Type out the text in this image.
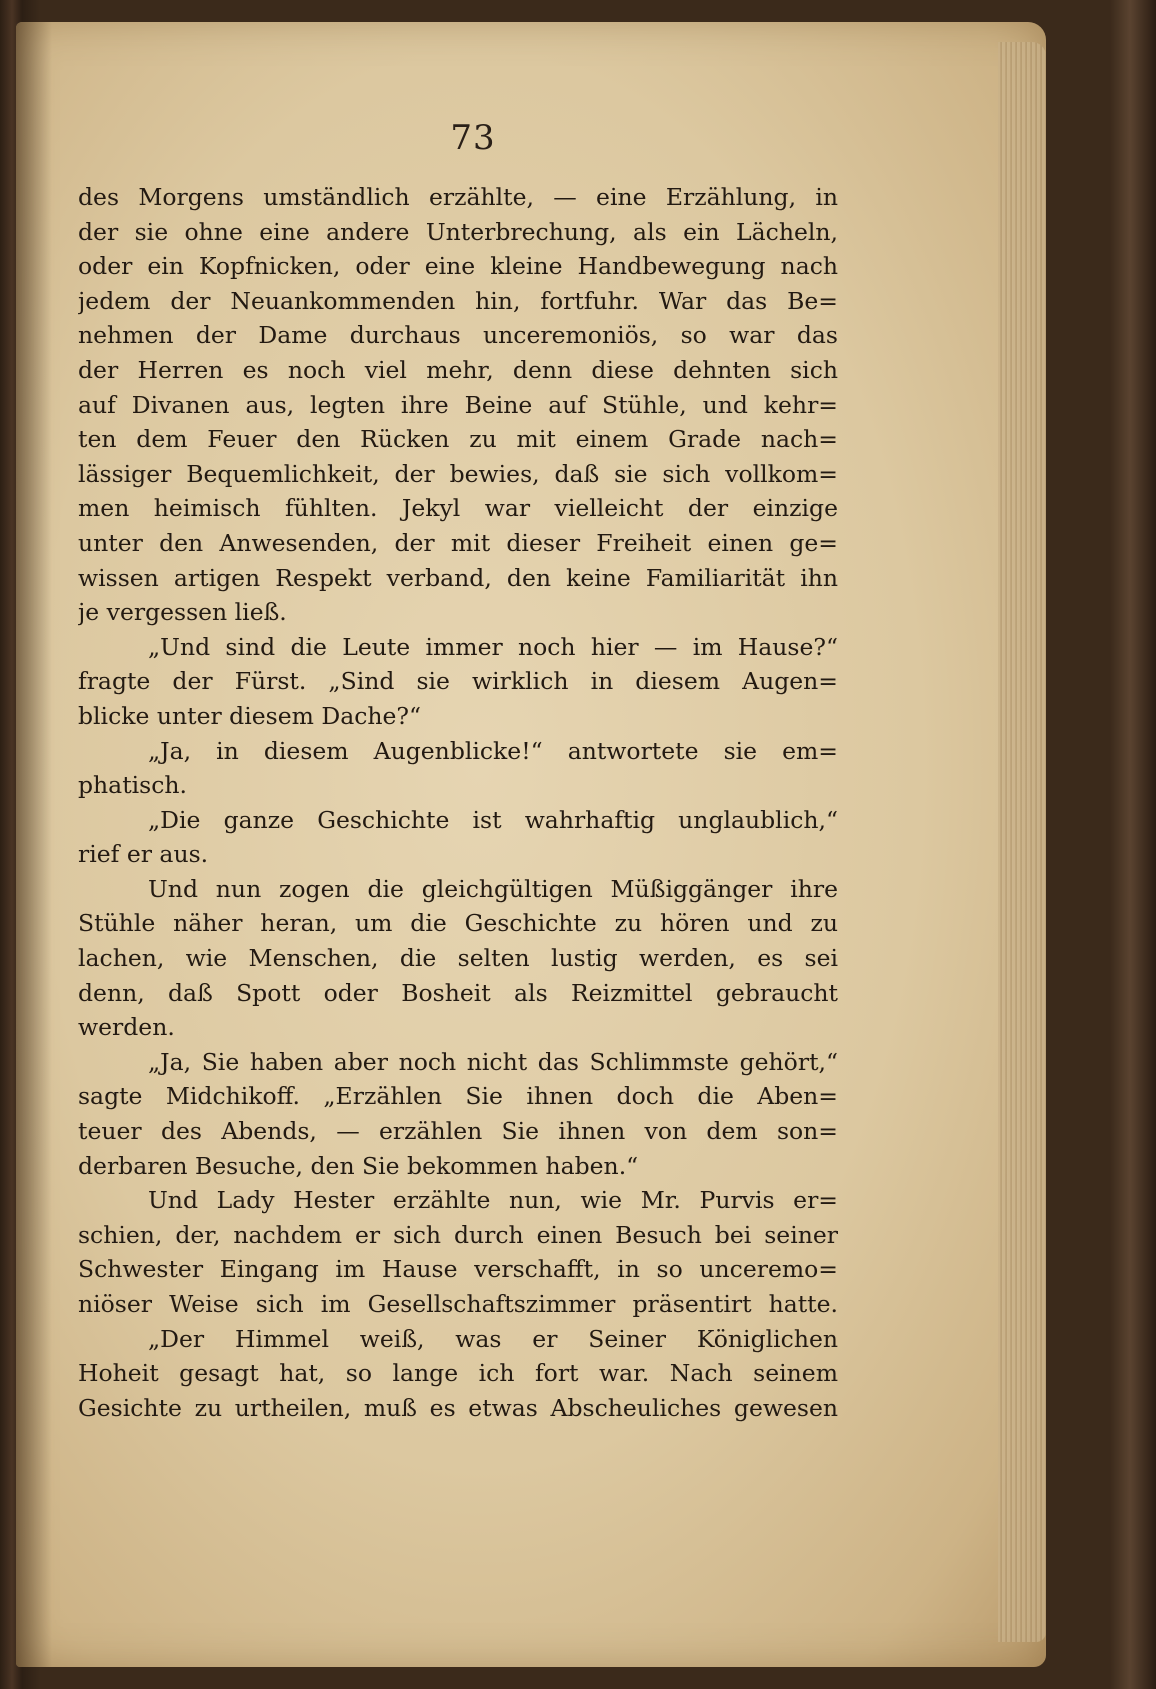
73
des Morgens umständlich erzählte, — eine Erzählung, in
der sie ohne eine andere Unterbrechung, als ein Lächeln,
oder ein Kopfnicken, oder eine kleine Handbewegung nach
jedem der Neuankommenden hin, fortfuhr. War das Be=
nehmen der Dame durchaus unceremoniös, so war das
der Herren es noch viel mehr, denn diese dehnten sich
auf Divanen aus, legten ihre Beine auf Stühle, und kehr=
ten dem Feuer den Rücken zu mit einem Grade nach=
lässiger Bequemlichkeit, der bewies, daß sie sich vollkom=
men heimisch fühlten. Jekyl war vielleicht der einzige
unter den Anwesenden, der mit dieser Freiheit einen ge=
wissen artigen Respekt verband, den keine Familiarität ihn
je vergessen ließ.
„Und sind die Leute immer noch hier — im Hause?“
fragte der Fürst. „Sind sie wirklich in diesem Augen=
blicke unter diesem Dache?“
„Ja, in diesem Augenblicke!“ antwortete sie em=
phatisch.
„Die ganze Geschichte ist wahrhaftig unglaublich,“
rief er aus.
Und nun zogen die gleichgültigen Müßiggänger ihre
Stühle näher heran, um die Geschichte zu hören und zu
lachen, wie Menschen, die selten lustig werden, es sei
denn, daß Spott oder Bosheit als Reizmittel gebraucht
werden.
„Ja, Sie haben aber noch nicht das Schlimmste gehört,“
sagte Midchikoff. „Erzählen Sie ihnen doch die Aben=
teuer des Abends, — erzählen Sie ihnen von dem son=
derbaren Besuche, den Sie bekommen haben.“
Und Lady Hester erzählte nun, wie Mr. Purvis er=
schien, der, nachdem er sich durch einen Besuch bei seiner
Schwester Eingang im Hause verschafft, in so unceremo=
niöser Weise sich im Gesellschaftszimmer präsentirt hatte.
„Der Himmel weiß, was er Seiner Königlichen
Hoheit gesagt hat, so lange ich fort war. Nach seinem
Gesichte zu urtheilen, muß es etwas Abscheuliches gewesen
